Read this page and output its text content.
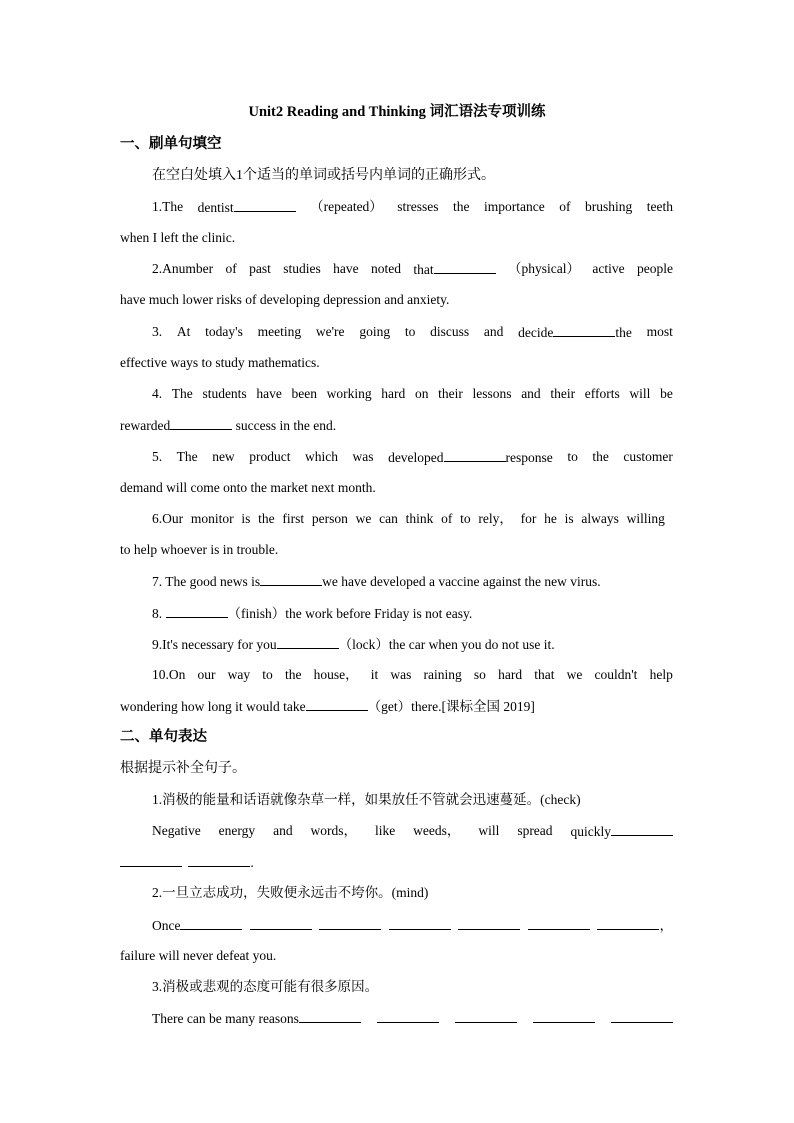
Unit2 Reading and Thinking 词汇语法专项训练
一、刷单句填空
在空白处填入1个适当的单词或括号内单词的正确形式。
1.The dentist	（repeated） stresses the importance of brushing teeth
when I left the clinic.
2.Anumber of past studies have noted that	（physical） active people
have much lower risks of developing depression and anxiety.
3. At today's meeting we're going to discuss and decide	the most
effective ways to study mathematics.
4. The students have been working hard on their lessons and their efforts will be
rewarded	success in the end.
5. The new product which was developed	response to the customer
demand will come onto the market next month.
6.Our monitor is the first person we can think of to rely， for he is always willing
to help whoever is in trouble.
7. The good news is	we have developed a vaccine against the new virus.
8.	（finish）the work before Friday is not easy.
9.It's necessary for you	（lock）the car when you do not use it.
10.On our way to the house， it was raining so hard that we couldn't help
wondering how long it would take	（get）there.[课标全国 2019]
二、单句表达
根据提示补全句子。
1.消极的能量和话语就像杂草一样，如果放任不管就会迅速蔓延。(check)
Negative energy and words， like weeds， will spread quickly
.
2.一旦立志成功，失败便永远击不垮你。(mind)
Once	，
failure will never defeat you.
3.消极或悲观的态度可能有很多原因。
There can be many reasons
